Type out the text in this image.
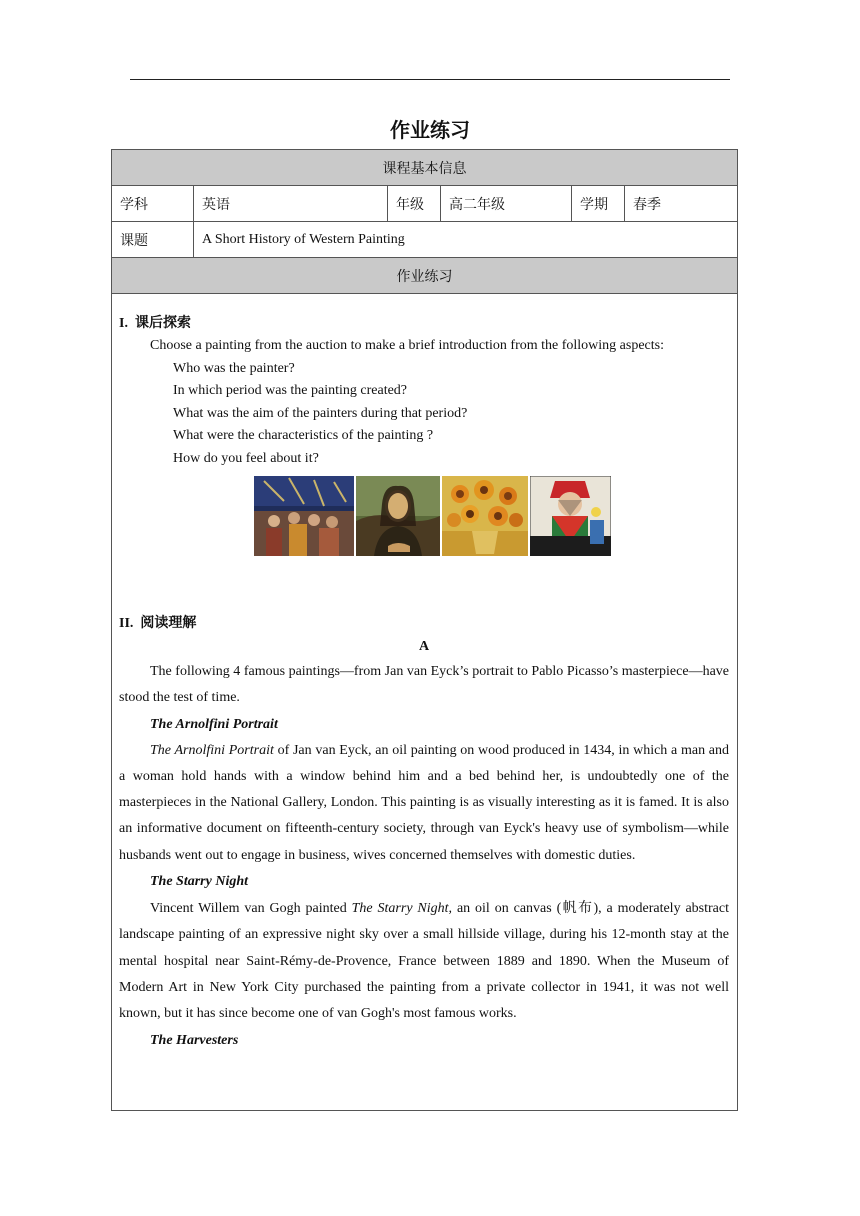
作业练习
课程基本信息					
学科	英语	年级	高二年级	学期	春季
课题	A Short History of Western Painting				
作业练习					

I. 课后探索

Choose a painting from the auction to make a brief introduction from the following aspects:

Who was the painter?

In which period was the painting created?

What was the aim of the painters during that period?

What were the characteristics of the painting ?

How do you feel about it?

II. 阅读理解

A

The following 4 famous paintings—from Jan van Eyck’s portrait to Pablo Picasso’s masterpiece—have stood the test of time.

The Arnolfini Portrait

The Arnolfini Portrait of Jan van Eyck, an oil painting on wood produced in 1434, in which a man and a woman hold hands with a window behind him and a bed behind her, is undoubtedly one of the masterpieces in the National Gallery, London. This painting is as visually interesting as it is famed. It is also an informative document on fifteenth-century society, through van Eyck's heavy use of symbolism—while husbands went out to engage in business, wives concerned themselves with domestic duties.

The Starry Night

Vincent Willem van Gogh painted The Starry Night, an oil on canvas (帆布), a moderately abstract landscape painting of an expressive night sky over a small hillside village, during his 12-month stay at the mental hospital near Saint-Rémy-de-Provence, France between 1889 and 1890. When the Museum of Modern Art in New York City purchased the painting from a private collector in 1941, it was not well known, but it has since become one of van Gogh's most famous works.

The Harvesters
